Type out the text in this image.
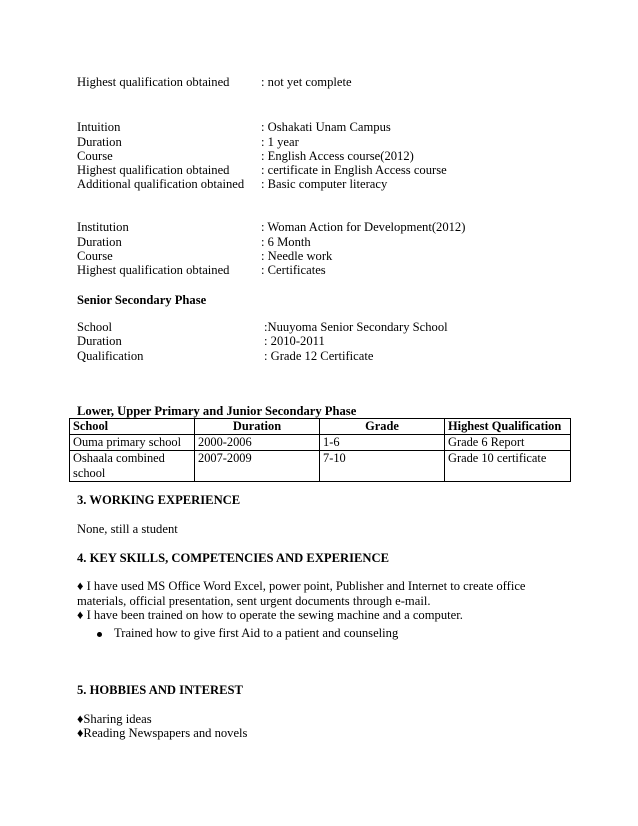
Highest qualification obtained	: not yet complete
Intuition	: Oshakati Unam Campus
Duration	: 1 year
Course	: English Access course(2012)
Highest qualification obtained	: certificate in English Access course
Additional qualification obtained : Basic computer literacy
Institution	: Woman Action for Development(2012)
Duration	: 6 Month
Course	: Needle work
Highest qualification obtained	: Certificates
Senior Secondary Phase
School	:Nuuyoma Senior Secondary School
Duration	: 2010-2011
Qualification	: Grade 12 Certificate
Lower, Upper Primary and Junior Secondary Phase
School	Duration	Grade	Highest Qualification
Ouma primary school	2000-2006	1-6	Grade 6 Report
Oshaala combined school	2007-2009	7-10	Grade 10 certificate
3. WORKING EXPERIENCE
None, still a student
4. KEY SKILLS, COMPETENCIES AND EXPERIENCE
♦ I have used MS Office Word Excel, power point, Publisher and Internet to create office
materials, official presentation, sent urgent documents through e-mail.
♦ I have been trained on how to operate the sewing machine and a computer.
Trained how to give first Aid to a patient and counseling
5. HOBBIES AND INTEREST
♦Sharing ideas
♦Reading Newspapers and novels
